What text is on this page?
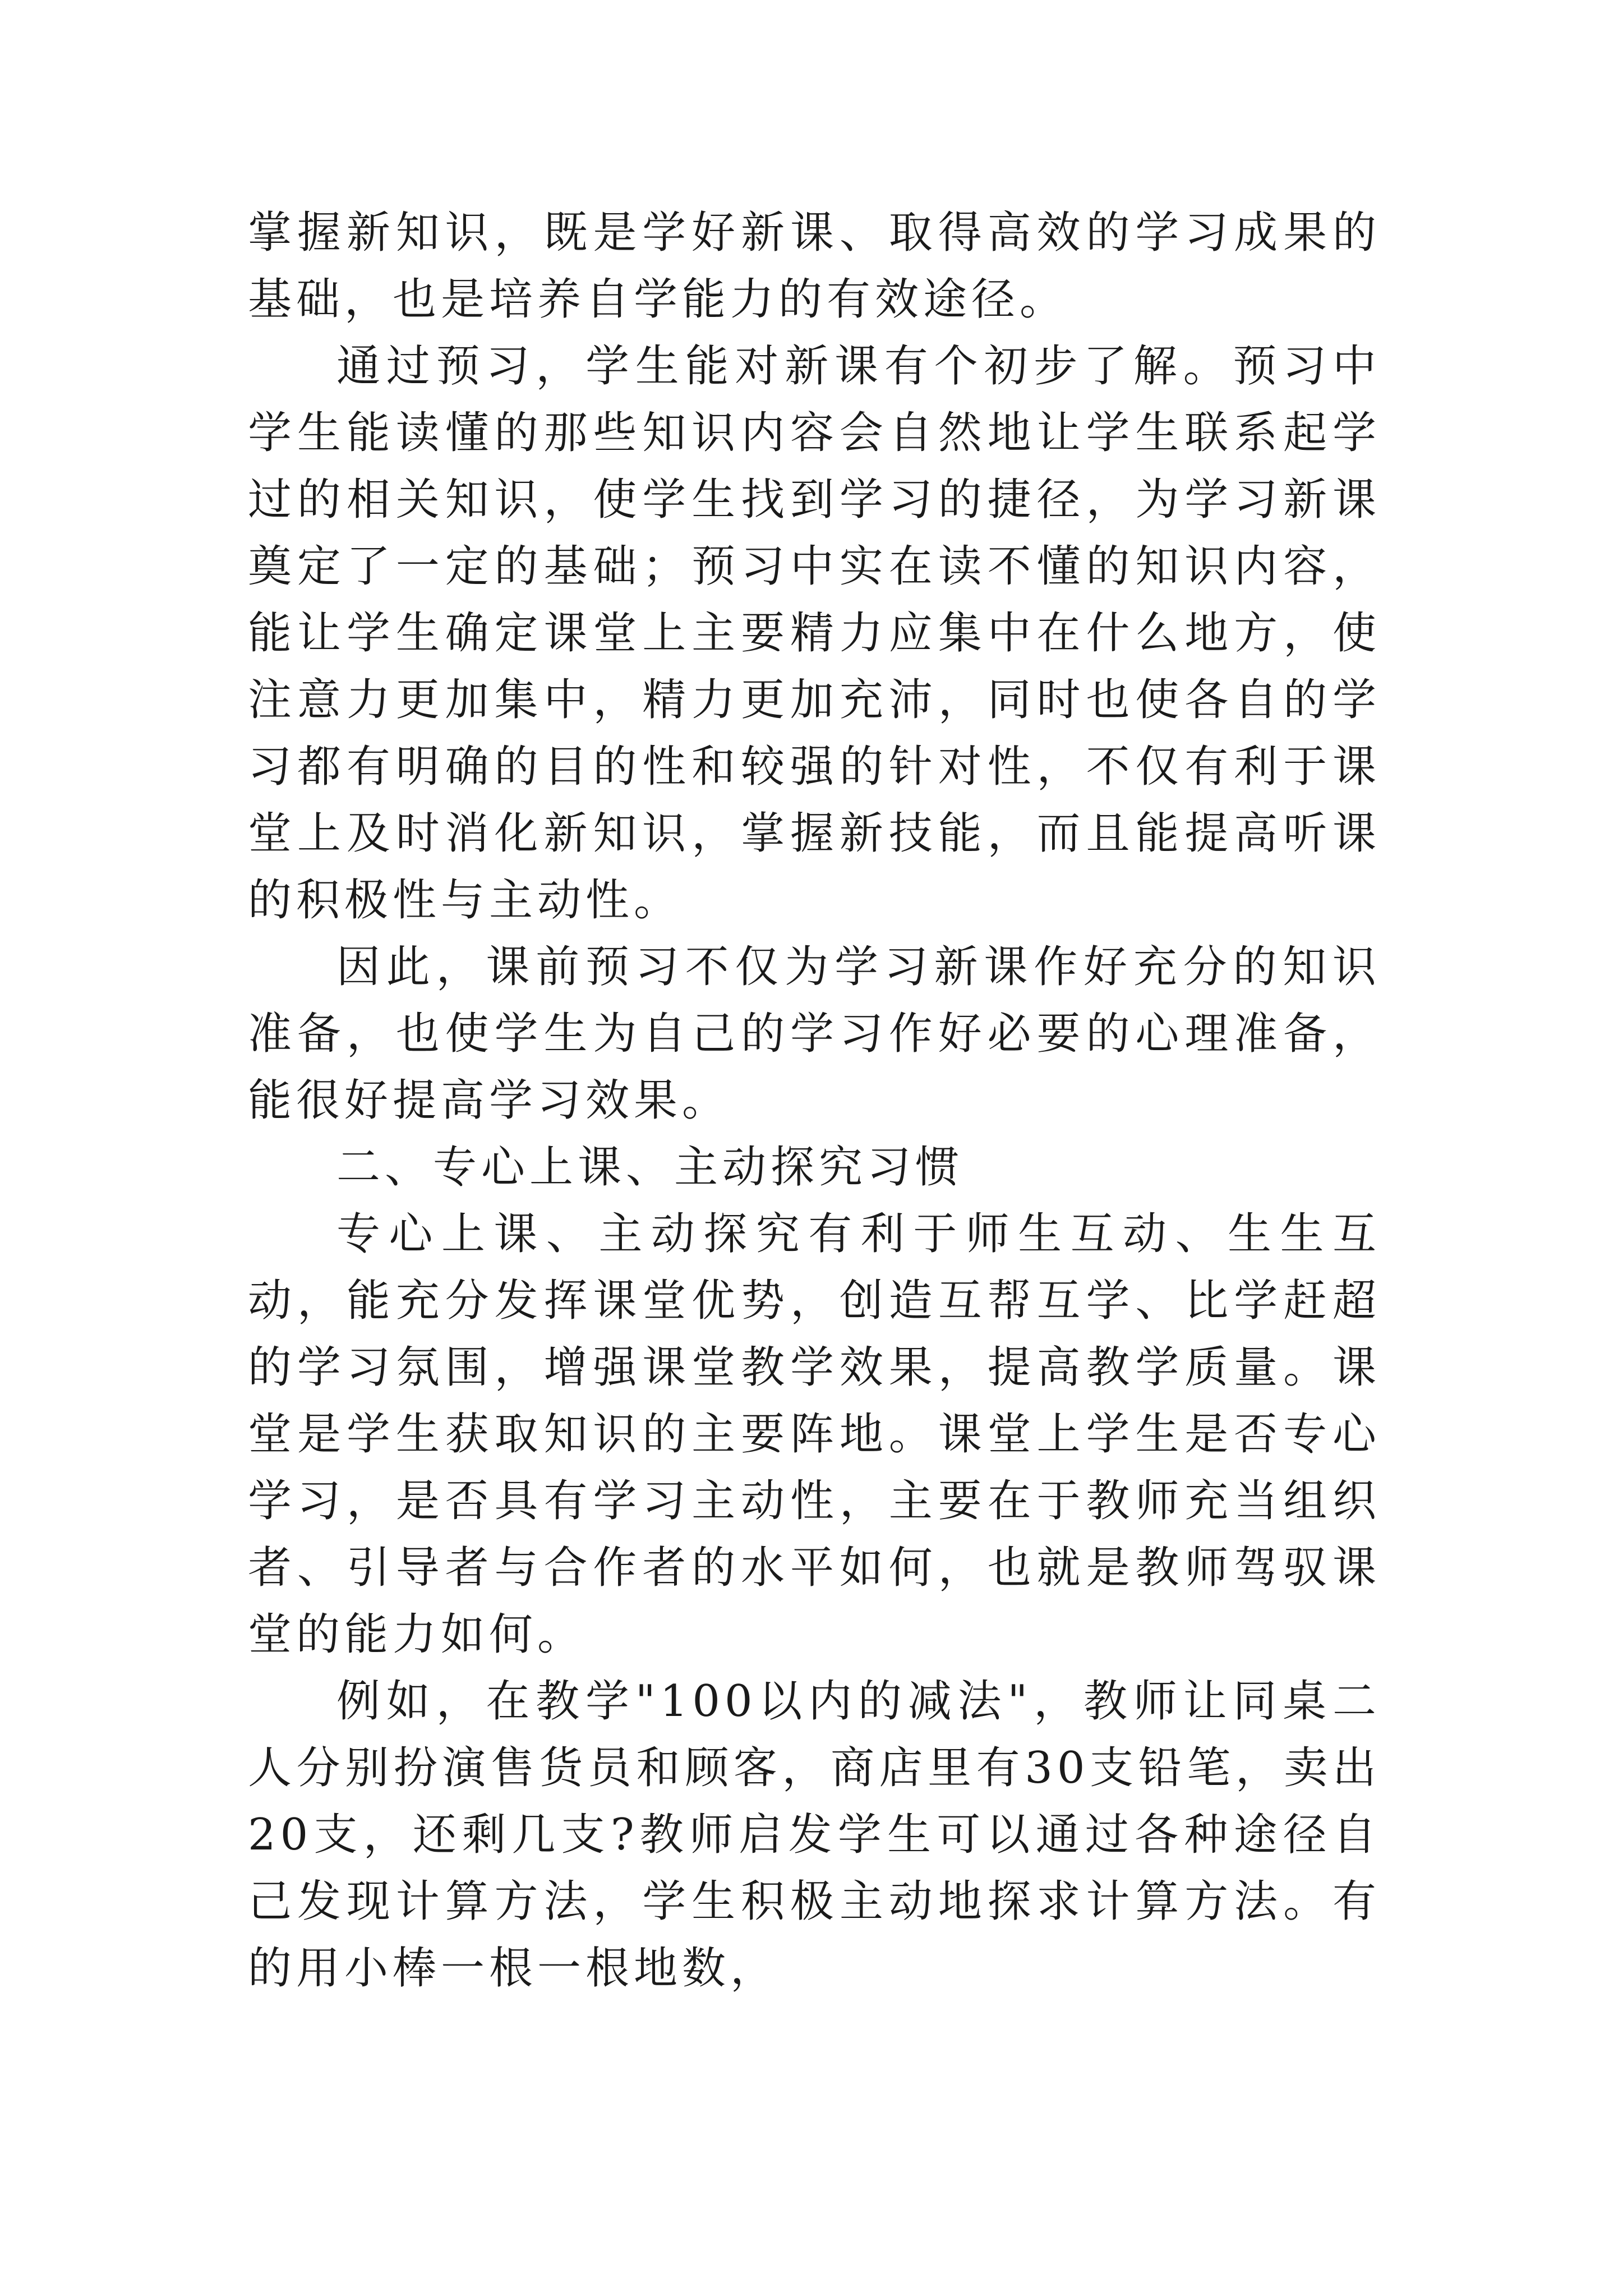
掌握新知识，既是学好新课、取得高效的学习成果的基础，也是培养自学能力的有效途径。

通过预习，学生能对新课有个初步了解。预习中学生能读懂的那些知识内容会自然地让学生联系起学过的相关知识，使学生找到学习的捷径，为学习新课奠定了一定的基础；预习中实在读不懂的知识内容，能让学生确定课堂上主要精力应集中在什么地方，使注意力更加集中，精力更加充沛，同时也使各自的学习都有明确的目的性和较强的针对性，不仅有利于课堂上及时消化新知识，掌握新技能，而且能提高听课的积极性与主动性。

因此，课前预习不仅为学习新课作好充分的知识准备，也使学生为自己的学习作好必要的心理准备，能很好提高学习效果。

二、专心上课、主动探究习惯

专心上课、主动探究有利于师生互动、生生互动，能充分发挥课堂优势，创造互帮互学、比学赶超的学习氛围，增强课堂教学效果，提高教学质量。课堂是学生获取知识的主要阵地。课堂上学生是否专心学习，是否具有学习主动性，主要在于教师充当组织者、引导者与合作者的水平如何，也就是教师驾驭课堂的能力如何。

例如，在教学"100以内的减法"，教师让同桌二人分别扮演售货员和顾客，商店里有30支铅笔，卖出20支，还剩几支?教师启发学生可以通过各种途径自己发现计算方法，学生积极主动地探求计算方法。有的用小棒一根一根地数，
